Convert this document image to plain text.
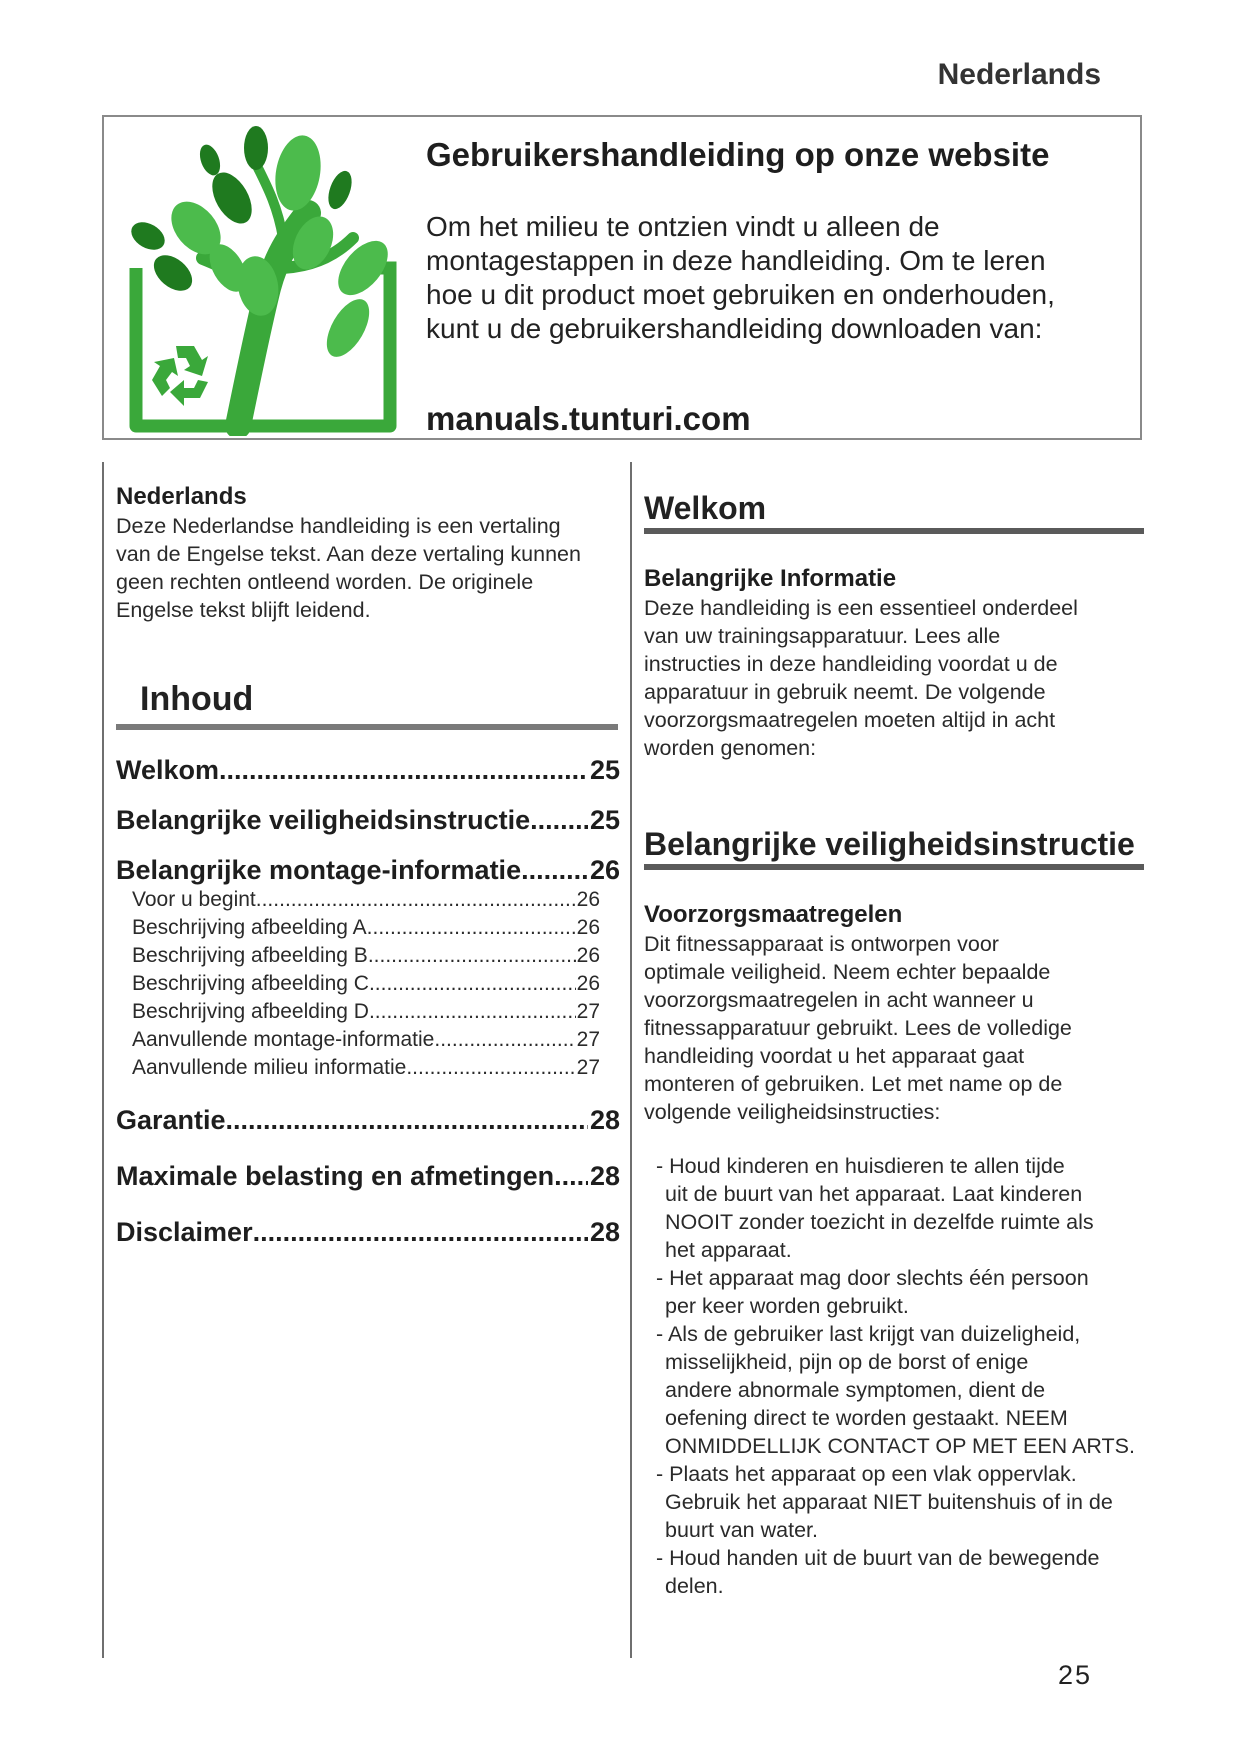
Nederlands
Gebruikershandleiding op onze website
Om het milieu te ontzien vindt u alleen de
montagestappen in deze handleiding. Om te leren
hoe u dit product moet gebruiken en onderhouden,
kunt u de gebruikershandleiding downloaden van:
manuals.tunturi.com
Nederlands
Deze Nederlandse handleiding is een vertaling
van de Engelse tekst. Aan deze vertaling kunnen
geen rechten ontleend worden. De originele
Engelse tekst blijft leidend.
Inhoud
Welkom .....	25
Belangrijke veiligheidsinstructie ..... 25
Belangrijke montage-informatie .....	26
Voor u begint .....	26
Beschrijving afbeelding A .....	26
Beschrijving afbeelding B .....	26
Beschrijving afbeelding C .....	26
Beschrijving afbeelding D .....	27
Aanvullende montage-informatie .....	27
Aanvullende milieu informatie .....	27
Garantie .....	28
Maximale belasting en afmetingen ..... 28
Disclaimer .....	28
Welkom
Belangrijke Informatie
Deze handleiding is een essentieel onderdeel
van uw trainingsapparatuur. Lees alle
instructies in deze handleiding voordat u de
apparatuur in gebruik neemt. De volgende
voorzorgsmaatregelen moeten altijd in acht
worden genomen:
Belangrijke veiligheidsinstructie
Voorzorgsmaatregelen
Dit fitnessapparaat is ontworpen voor
optimale veiligheid. Neem echter bepaalde
voorzorgsmaatregelen in acht wanneer u
fitnessapparatuur gebruikt. Lees de volledige
handleiding voordat u het apparaat gaat
monteren of gebruiken. Let met name op de
volgende veiligheidsinstructies:
- Houd kinderen en huisdieren te allen tijde
uit de buurt van het apparaat. Laat kinderen
NOOIT zonder toezicht in dezelfde ruimte als
het apparaat.
- Het apparaat mag door slechts één persoon
per keer worden gebruikt.
- Als de gebruiker last krijgt van duizeligheid,
misselijkheid, pijn op de borst of enige
andere abnormale symptomen, dient de
oefening direct te worden gestaakt. NEEM
ONMIDDELLIJK CONTACT OP MET EEN ARTS.
- Plaats het apparaat op een vlak oppervlak.
Gebruik het apparaat NIET buitenshuis of in de
buurt van water.
- Houd handen uit de buurt van de bewegende
delen.
25
